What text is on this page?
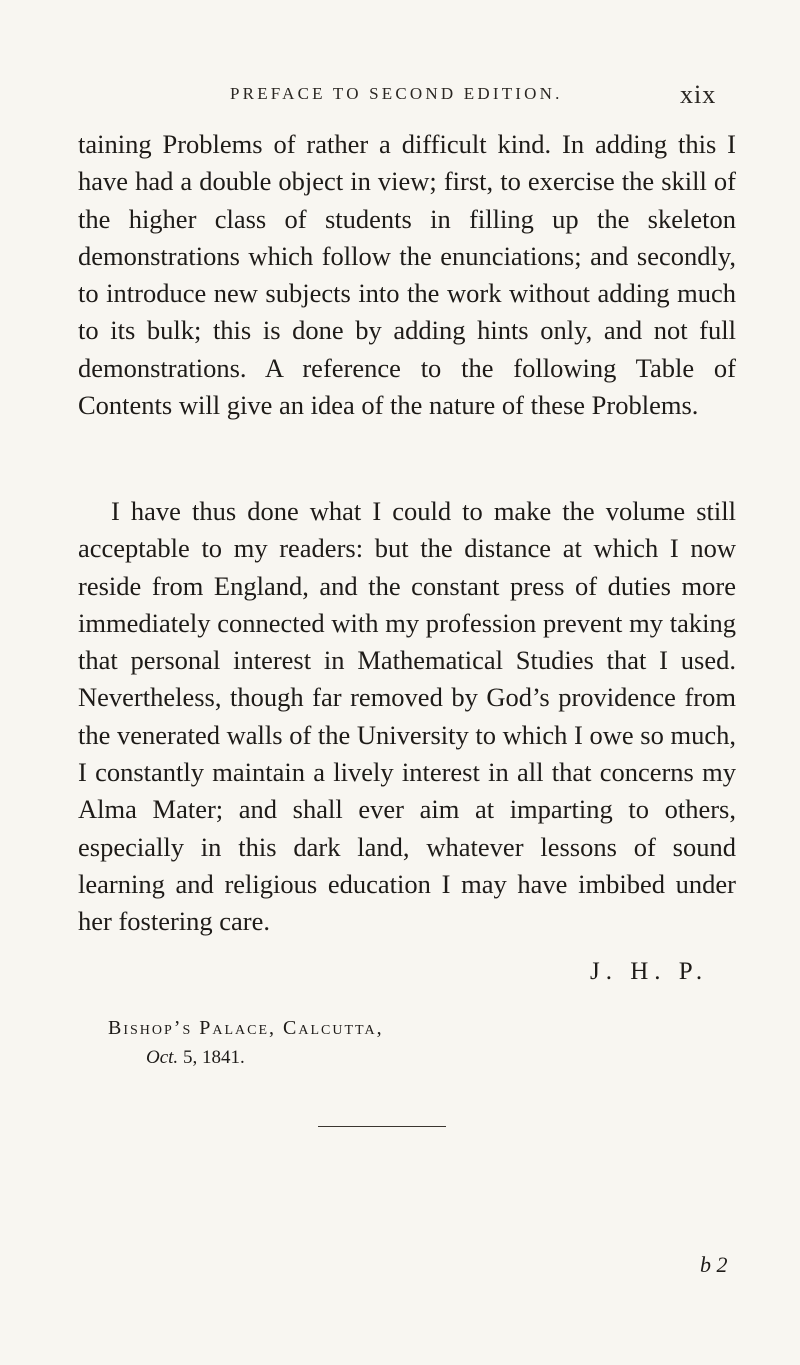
PREFACE TO SECOND EDITION.	xix

taining Problems of rather a difficult kind. In adding this I have had a double object in view; first, to exercise the skill of the higher class of students in filling up the skeleton demonstrations which follow the enunciations; and secondly, to introduce new subjects into the work without adding much to its bulk; this is done by adding hints only, and not full demonstrations. A reference to the following Table of Contents will give an idea of the nature of these Problems.

I have thus done what I could to make the volume still acceptable to my readers: but the distance at which I now reside from England, and the constant press of duties more immediately connected with my profession prevent my taking that personal interest in Mathematical Studies that I used. Nevertheless, though far removed by God’s providence from the venerated walls of the University to which I owe so much, I constantly maintain a lively interest in all that concerns my Alma Mater; and shall ever aim at imparting to others, especially in this dark land, whatever lessons of sound learning and religious education I may have imbibed under her fostering care.

J. H. P.
Bishop’s Palace, Calcutta,
Oct. 5, 1841.
b 2
